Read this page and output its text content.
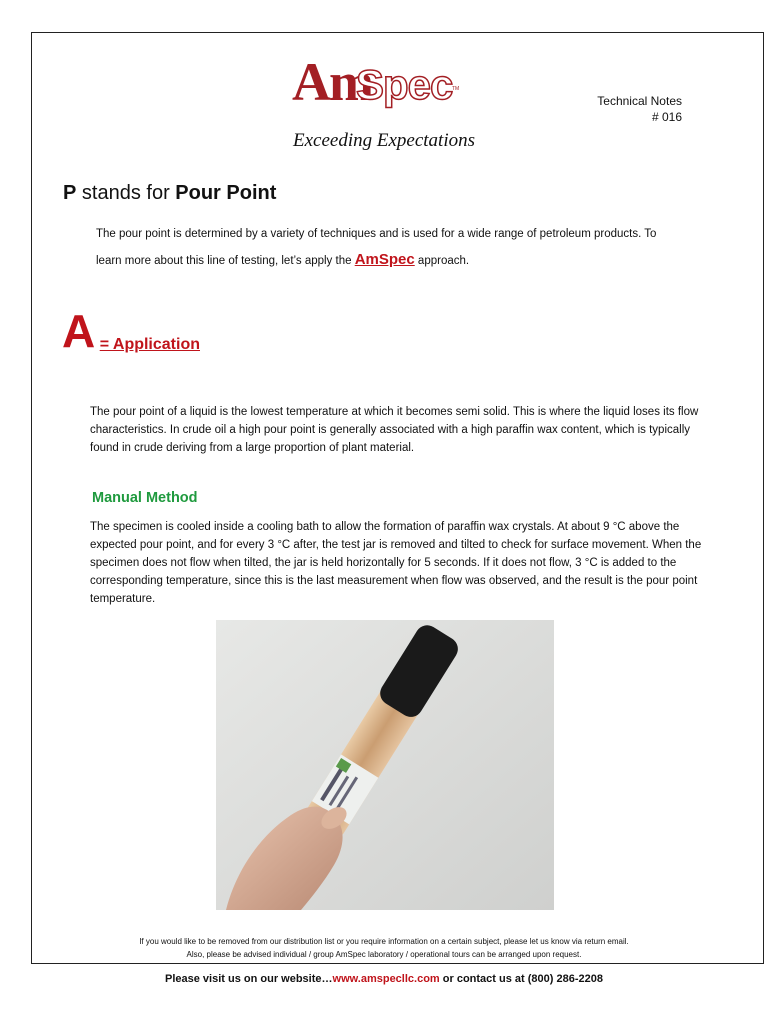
Am
Spec TM
Technical Notes
# 016
Exceeding Expectations
P stands for Pour Point
The pour point is determined by a variety of techniques and is used for a wide range of petroleum products. To learn more about this line of testing, let’s apply the AmSpec approach.
A = Application
The pour point of a liquid is the lowest temperature at which it becomes semi solid. This is where the liquid loses its flow characteristics. In crude oil a high pour point is generally associated with a high paraffin wax content, which is typically found in crude deriving from a large proportion of plant material.
Manual Method
The specimen is cooled inside a cooling bath to allow the formation of paraffin wax crystals. At about 9 °C above the expected pour point, and for every 3 °C after, the test jar is removed and tilted to check for surface movement. When the specimen does not flow when tilted, the jar is held horizontally for 5 seconds. If it does not flow, 3 °C is added to the corresponding temperature, since this is the last measurement when flow was observed, and the result is the pour point temperature.
If you would like to be removed from our distribution list or you require information on a certain subject, please let us know via return email.
Also, please be advised individual / group AmSpec laboratory / operational tours can be arranged upon request.
Please visit us on our website…www.amspecllc.com or contact us at (800) 286-2208
